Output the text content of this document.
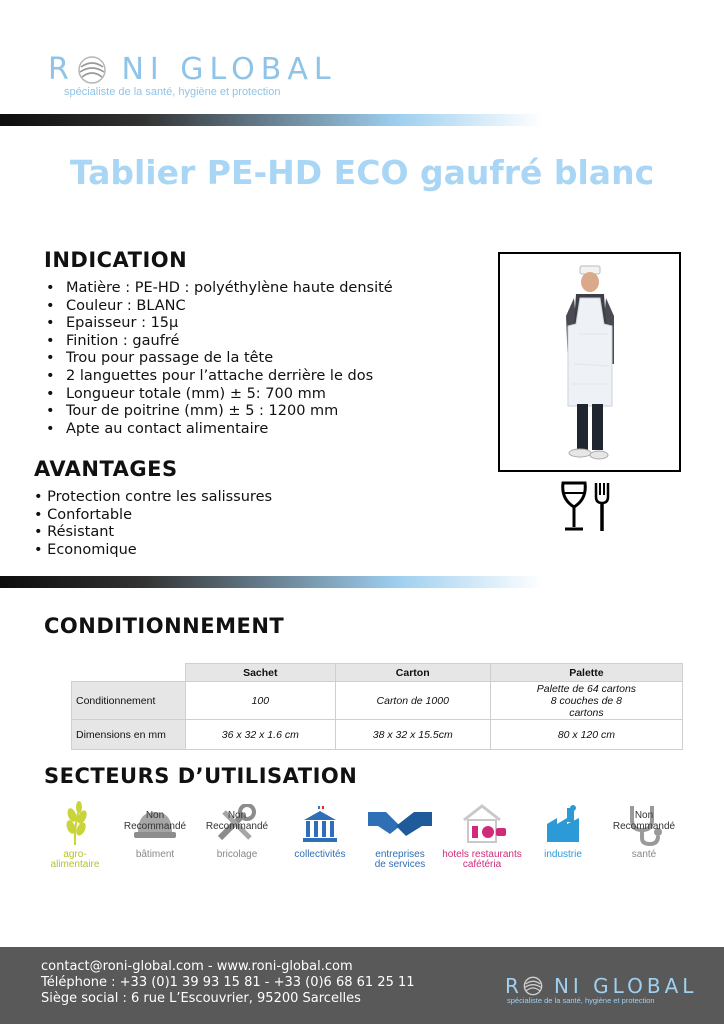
R   NI GLOBAL
spécialiste de la santé, hygiène et protection
Tablier PE-HD ECO gaufré blanc
INDICATION
• Matière : PE-HD : polyéthylène haute densité
• Couleur : BLANC
• Epaisseur : 15µ
• Finition : gaufré
• Trou pour passage de la tête
• 2 languettes pour l’attache derrière le dos
• Longueur totale (mm) ± 5: 700 mm
• Tour de poitrine (mm) ± 5 : 1200 mm
• Apte au contact alimentaire
AVANTAGES
• Protection contre les salissures
• Confortable
• Résistant
• Economique
CONDITIONNEMENT
	Sachet	Carton	Palette
Conditionnement	100	Carton de 1000	Palette de 64 cartons
8 couches de 8
cartons
Dimensions en mm	36 x 32 x 1.6 cm	38 x 32 x 15.5cm	80 x 120 cm
SECTEURS D’UTILISATION
agro-
alimentaire
Non
Recommandé
bâtiment
Non
Recommandé
bricolage	collectivités	entreprises
de services
hotels restaurants
cafétéria
industrie
Non
Recommandé
santé
contact@roni-global.com - www.roni-global.com
Téléphone : +33 (0)1 39 93 15 81 - +33 (0)6 68 61 25 11
Siège social : 6 rue L’Escouvrier, 95200 Sarcelles
R   NI GLOBAL
spécialiste de la santé, hygiène et protection
